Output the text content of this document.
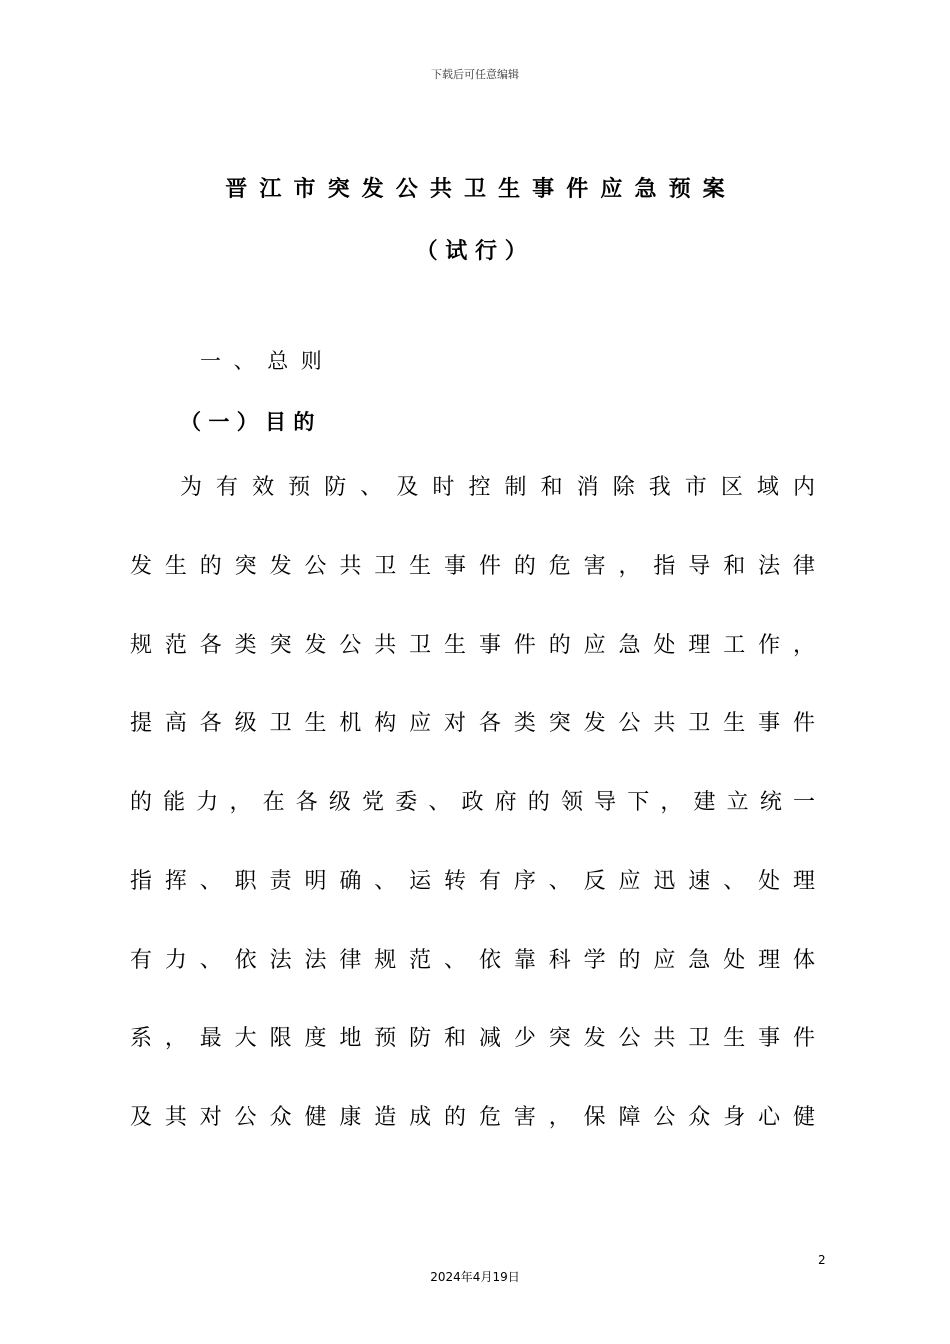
下载后可任意编辑
晋江市突发公共卫生事件应急预案
（试行）
一、总则
（一）目的
为有效预防、及时控制和消除我市区域内
发生的突发公共卫生事件的危害，指导和法律
规范各类突发公共卫生事件的应急处理工作，
提高各级卫生机构应对各类突发公共卫生事件
的能力，在各级党委、政府的领导下，建立统一
指挥、职责明确、运转有序、反应迅速、处理
有力、依法法律规范、依靠科学的应急处理体
系，最大限度地预防和减少突发公共卫生事件
及其对公众健康造成的危害，保障公众身心健
2
2024年4月19日
